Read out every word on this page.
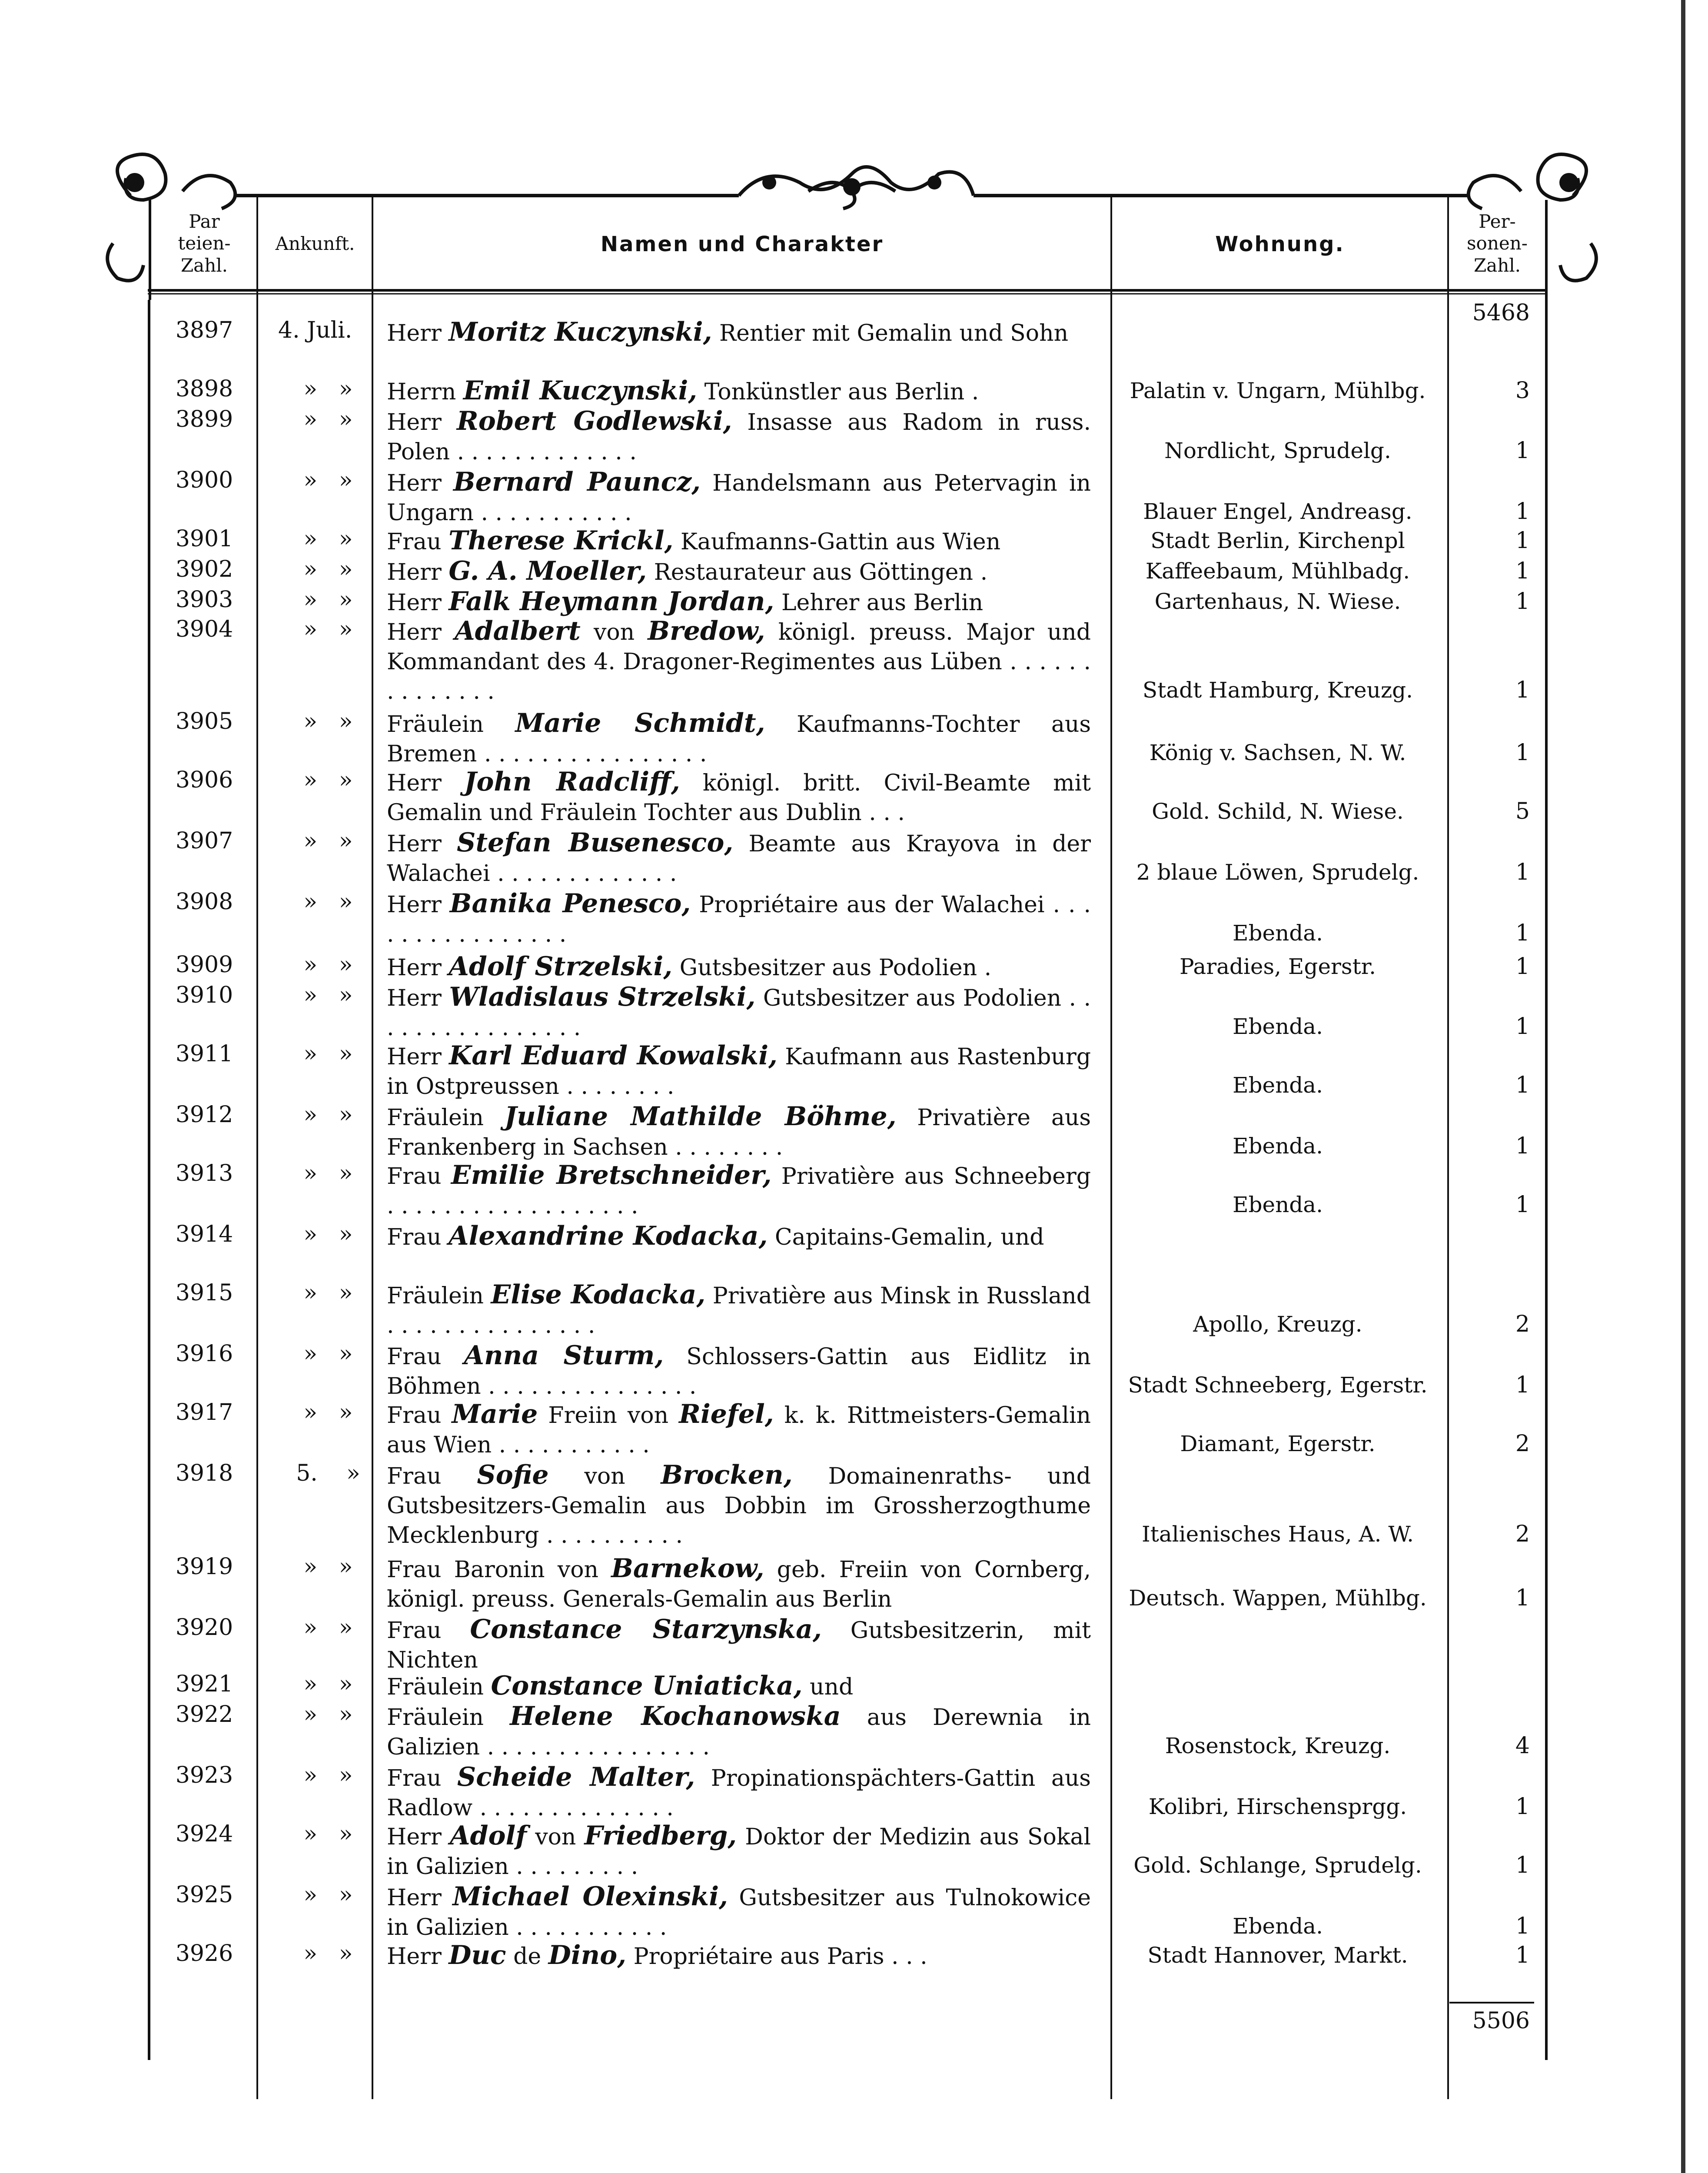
Par
teien-
Zahl.
Ankunft.	Namen und Charakter	Wohnung.
Per-
sonen-
Zahl.
5468
3897	4. Juli.	Herr Moritz Kuczynski, Rentier mit Gemalin und Sohn
3898	»   »	Herrn Emil Kuczynski, Tonkünstler aus Berlin .	Palatin v. Ungarn, Mühlbg.	3
3899	»   »	Herr Robert Godlewski, Insasse aus Radom in russ. Polen . . . . . . . . . . . . .	Nordlicht, Sprudelg.	1
3900	»   »	Herr Bernard Pauncz, Handelsmann aus Petervagin in Ungarn . . . . . . . . . . .	Blauer Engel, Andreasg.	1
3901	»   »	Frau Therese Krickl, Kaufmanns-Gattin aus Wien	Stadt Berlin, Kirchenpl	1
3902	»   »	Herr G. A. Moeller, Restaurateur aus Göttingen .	Kaffeebaum, Mühlbadg.	1
3903	»   »	Herr Falk Heymann Jordan, Lehrer aus Berlin	Gartenhaus, N. Wiese.	1
3904	»   »	Herr Adalbert von Bredow, königl. preuss. Major und Kommandant des 4. Dragoner-Regimentes aus Lüben . . . . . . . . . . . . . .	Stadt Hamburg, Kreuzg.	1
3905	»   »	Fräulein Marie Schmidt, Kaufmanns-Tochter aus Bremen . . . . . . . . . . . . . . . .	König v. Sachsen, N. W.	1
3906	»   »	Herr John Radcliff, königl. britt. Civil-Beamte mit Gemalin und Fräulein Tochter aus Dublin . . .	Gold. Schild, N. Wiese.	5
3907	»   »	Herr Stefan Busenesco, Beamte aus Krayova in der Walachei . . . . . . . . . . . . .	2 blaue Löwen, Sprudelg.	1
3908	»   »	Herr Banika Penesco, Propriétaire aus der Walachei . . . . . . . . . . . . . . . .	Ebenda.	1
3909	»   »	Herr Adolf Strzelski, Gutsbesitzer aus Podolien .	Paradies, Egerstr.	1
3910	»   »	Herr Wladislaus Strzelski, Gutsbesitzer aus Podolien . . . . . . . . . . . . . . . .	Ebenda.	1
3911	»   »	Herr Karl Eduard Kowalski, Kaufmann aus Rastenburg in Ostpreussen . . . . . . . .	Ebenda.	1
3912	»   »	Fräulein Juliane Mathilde Böhme, Privatière aus Frankenberg in Sachsen . . . . . . . .	Ebenda.	1
3913	»   »	Frau Emilie Bretschneider, Privatière aus Schneeberg . . . . . . . . . . . . . . . . . .	Ebenda.	1
3914	»   »	Frau Alexandrine Kodacka, Capitains-Gemalin, und
3915	»   »	Fräulein Elise Kodacka, Privatière aus Minsk in Russland . . . . . . . . . . . . . . .	Apollo, Kreuzg.	2
3916	»   »	Frau Anna Sturm, Schlossers-Gattin aus Eidlitz in Böhmen . . . . . . . . . . . . . . .	Stadt Schneeberg, Egerstr.	1
3917	»   »	Frau Marie Freiin von Riefel, k. k. Rittmeisters-Gemalin aus Wien . . . . . . . . . . .	Diamant, Egerstr.	2
3918	5.    »	Frau Sofie von Brocken, Domainenraths- und Gutsbesitzers-Gemalin aus Dobbin im Grossherzogthume Mecklenburg . . . . . . . . . .	Italienisches Haus, A. W.	2
3919	»   »	Frau Baronin von Barnekow, geb. Freiin von Cornberg, königl. preuss. Generals-Gemalin aus Berlin	Deutsch. Wappen, Mühlbg.	1
3920	»   »	Frau Constance Starzynska, Gutsbesitzerin, mit Nichten
3921	»   »	Fräulein Constance Uniaticka, und
3922	»   »	Fräulein Helene Kochanowska aus Derewnia in Galizien . . . . . . . . . . . . . . . .	Rosenstock, Kreuzg.	4
3923	»   »	Frau Scheide Malter, Propinationspächters-Gattin aus Radlow . . . . . . . . . . . . . .	Kolibri, Hirschensprgg.	1
3924	»   »	Herr Adolf von Friedberg, Doktor der Medizin aus Sokal in Galizien . . . . . . . . .	Gold. Schlange, Sprudelg.	1
3925	»   »	Herr Michael Olexinski, Gutsbesitzer aus Tulnokowice in Galizien . . . . . . . . . . .	Ebenda.	1
3926	»   »	Herr Duc de Dino, Propriétaire aus Paris . . .	Stadt Hannover, Markt.	1
5506
